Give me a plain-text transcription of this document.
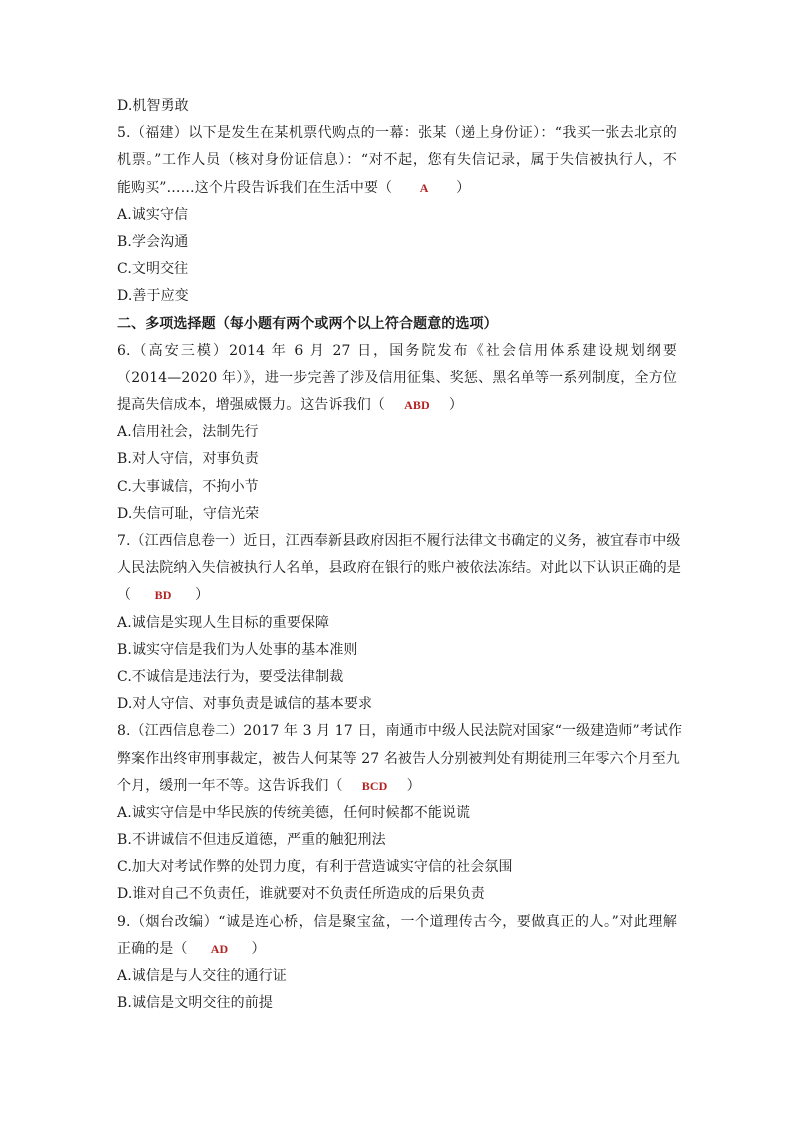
D.机智勇敢
5.（福建）以下是发生在某机票代购点的一幕：张某（递上身份证）：“我买一张去北京的
机票。”工作人员（核对身份证信息）：“对不起，您有失信记录，属于失信被执行人，不
能购买”……这个片段告诉我们在生活中要（ A ）
A.诚实守信
B.学会沟通
C.文明交往
D.善于应变
二、多项选择题（每小题有两个或两个以上符合题意的选项）
6.（高安三模）2014 年 6 月 27 日，国务院发布《社会信用体系建设规划纲要
（2014—2020 年）》，进一步完善了涉及信用征集、奖惩、黑名单等一系列制度，全方位
提高失信成本，增强威慑力。这告诉我们（ ABD ）
A.信用社会，法制先行
B.对人守信，对事负责
C.大事诚信，不拘小节
D.失信可耻，守信光荣
7.（江西信息卷一）近日，江西奉新县政府因拒不履行法律文书确定的义务，被宜春市中级
人民法院纳入失信被执行人名单，县政府在银行的账户被依法冻结。对此以下认识正确的是
（ BD ）
A.诚信是实现人生目标的重要保障
B.诚实守信是我们为人处事的基本准则
C.不诚信是违法行为，要受法律制裁
D.对人守信、对事负责是诚信的基本要求
8.（江西信息卷二）2017 年 3 月 17 日，南通市中级人民法院对国家“一级建造师”考试作
弊案作出终审刑事裁定，被告人何某等 27 名被告人分别被判处有期徒刑三年零六个月至九
个月，缓刑一年不等。这告诉我们（ BCD ）
A.诚实守信是中华民族的传统美德，任何时候都不能说谎
B.不讲诚信不但违反道德，严重的触犯刑法
C.加大对考试作弊的处罚力度，有利于营造诚实守信的社会氛围
D.谁对自己不负责任，谁就要对不负责任所造成的后果负责
9.（烟台改编）“诚是连心桥，信是聚宝盆，一个道理传古今，要做真正的人。”对此理解
正确的是（ AD ）
A.诚信是与人交往的通行证
B.诚信是文明交往的前提
